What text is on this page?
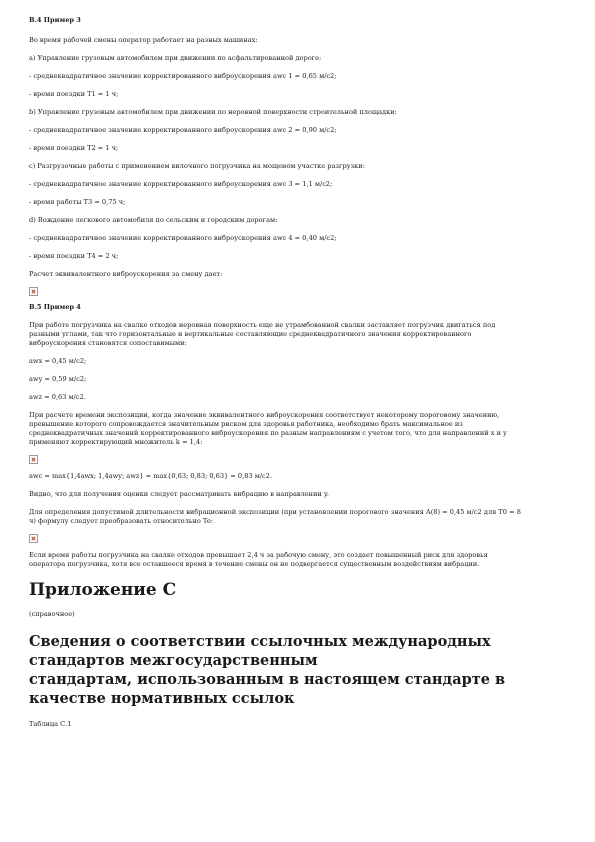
В.4 Пример 3

Во время рабочей смены оператор работает на разных машинах:

а) Управление грузовым автомобилем при движении по асфальтированной дороге:

- среднеквадратичное значение корректированного виброускорения awc 1 = 0,65 м/с2;

- время поездки T1 = 1 ч;

b) Управление грузовым автомобилем при движении по неровной поверхности строительной площадки:

- среднеквадратичное значение корректированного виброускорения awc 2 = 0,90 м/с2;

- время поездки T2 = 1 ч;

с) Разгрузочные работы с применением вилочного погрузчика на мощеном участке разгрузки:

- среднеквадратичное значение корректированного виброускорения awc 3 = 1,1 м/с2;

- время работы T3 = 0,75 ч;

d) Вождение легкового автомобиля по сельским и городским дорогам:

- среднеквадратичное значение корректированного виброускорения awc 4 = 0,40 м/с2;

- время поездки T4 = 2 ч;

Расчет эквивалентного виброускорения за смену дает:

В.5 Пример 4

При работе погрузчика на свалке отходов неровная поверхность еще не утрамбованной свалки заставляет погрузчик двигаться под

разными углами, так что горизонтальные и вертикальные составляющие среднеквадратичного значения корректированного

виброускорения становятся сопоставимыми:

awx = 0,45 м/с2;

awy = 0,59 м/с2;

awz = 0,63 м/с2.

При расчете времени экспозиции, когда значение эквивалентного виброускорения соответствует некоторому пороговому значению,

превышение которого сопровождается значительным риском для здоровья работника, необходимо брать максимальное из

среднеквадратичных значений корректированного виброускорения по разным направлениям с учетом того, что для направлений х и у

применяют корректирующий множитель k = 1,4:

awc = max{1,4awx; 1,4awy; awz} = max{0,63; 0,83; 0,63} = 0,83 м/с2.

Видно, что для получения оценки следует рассматривать вибрацию в направлении y.

Для определения допустимой длительности вибрационной экспозиции (при установлении порогового значения A(8) = 0,45 м/с2 для T0 = 8

ч) формулу следует преобразовать относительно Te:

Если время работы погрузчика на свалке отходов превышает 2,4 ч за рабочую смену, это создает повышенный риск для здоровья

оператора погрузчика, хотя все оставшееся время в течение смены он не подвергается существенным воздействиям вибрации.

Приложение С

(справочное)

Сведения о соответствии ссылочных международных
стандартов межгосударственным
стандартам, использованным в настоящем стандарте в
качестве нормативных ссылок

Таблица С.1
